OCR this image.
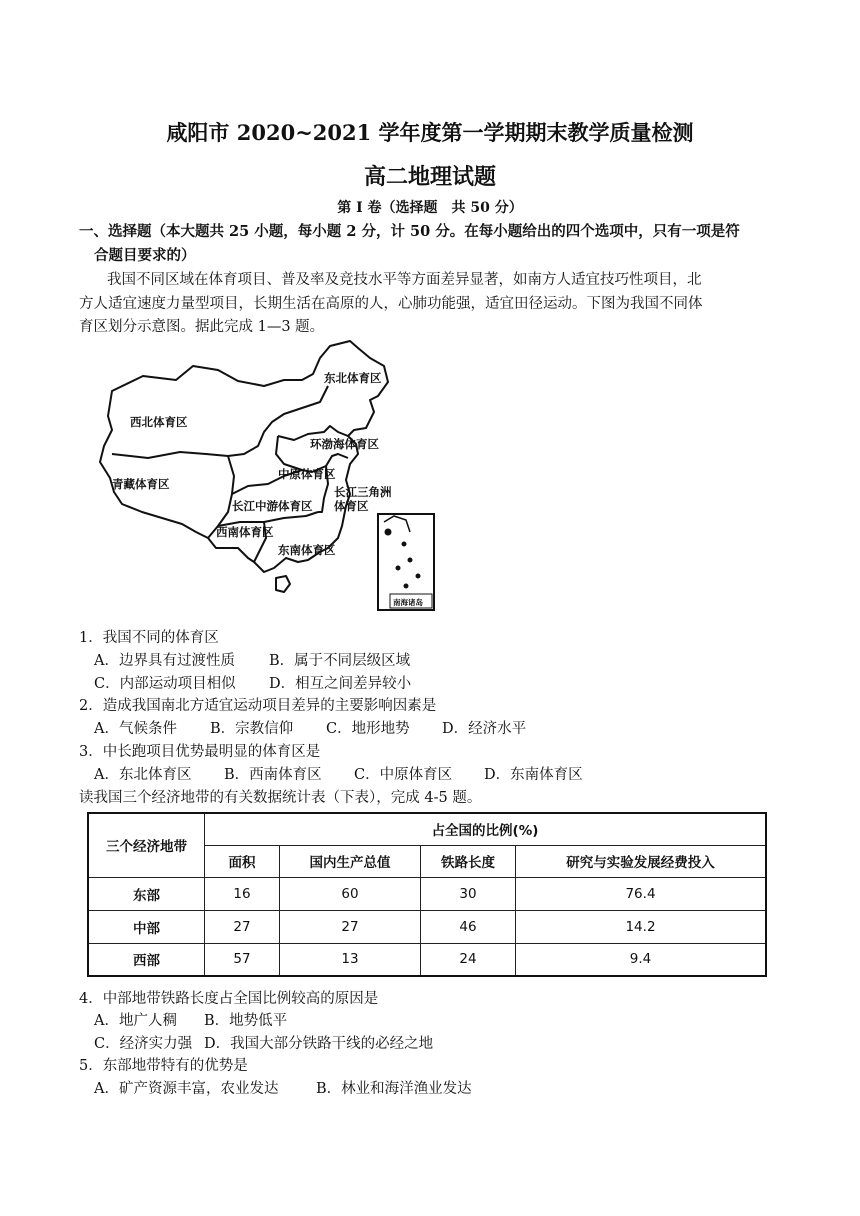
咸阳市 2020~2021 学年度第一学期期末教学质量检测
高二地理试题
第 I 卷（选择题　共 50 分）
一、选择题（本大题共 25 小题，每小题 2 分，计 50 分。在每小题给出的四个选项中，只有一项是符
合题目要求的）
我国不同区域在体育项目、普及率及竞技水平等方面差异显著，如南方人适宜技巧性项目，北
方人适宜速度力量型项目，长期生活在高原的人，心肺功能强，适宜田径运动。下图为我国不同体
育区划分示意图。据此完成 1—3 题。
东北体育区
西北体育区
环渤海体育区
中原体育区
青藏体育区
长江中游体育区
长江三角洲
体育区
西南体育区
东南体育区
南海诸岛
1．我国不同的体育区
A．边界具有过渡性质 B．属于不同层级区域
C．内部运动项目相似 D．相互之间差异较小
2．造成我国南北方适宜运动项目差异的主要影响因素是
A．气候条件 B．宗教信仰 C．地形地势 D．经济水平
3．中长跑项目优势最明显的体育区是
A．东北体育区 B．西南体育区 C．中原体育区 D．东南体育区
读我国三个经济地带的有关数据统计表（下表），完成 4-5 题。
三个经济地带	占全国的比例(%)			
	面积	国内生产总值	铁路长度	研究与实验发展经费投入
东部	16	60	30	76.4
中部	27	27	46	14.2
西部	57	13	24	9.4
4．中部地带铁路长度占全国比例较高的原因是
A．地广人稠 B．地势低平
C．经济实力强 D．我国大部分铁路干线的必经之地
5．东部地带特有的优势是
A．矿产资源丰富，农业发达	B．林业和海洋渔业发达
